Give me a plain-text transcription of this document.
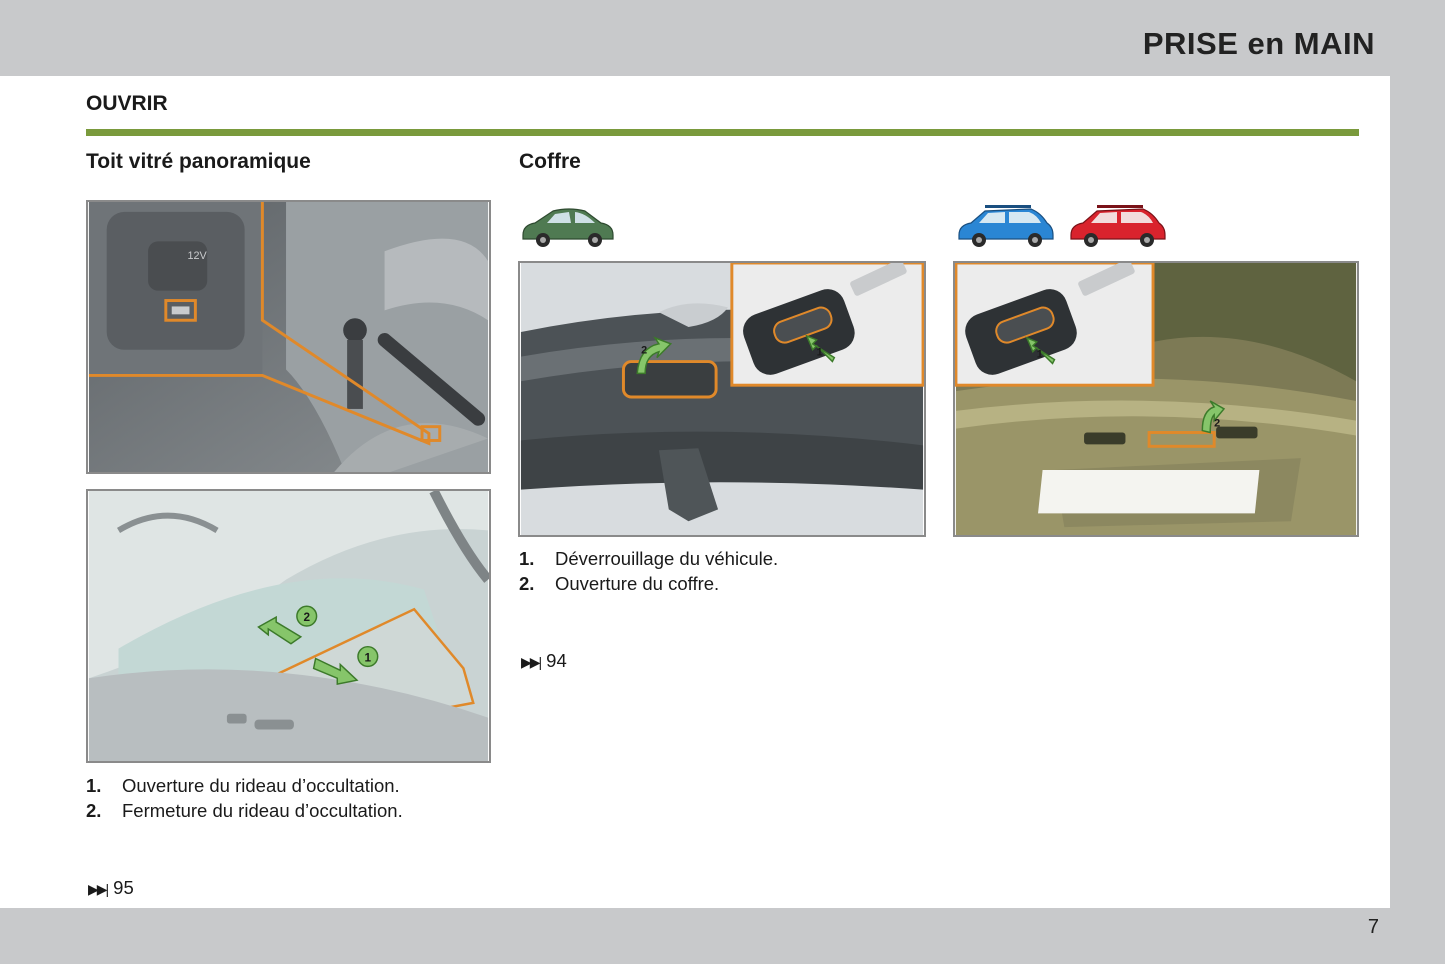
PRISE en MAIN
OUVRIR
Toit vitré panoramique
12V
2
1
1. Ouverture du rideau d’occultation.
2. Fermeture du rideau d’occultation.
▶▶| 95
Coffre
2	1
2
1
1. Déverrouillage du véhicule.
2. Ouverture du coffre.
▶▶| 94
7
